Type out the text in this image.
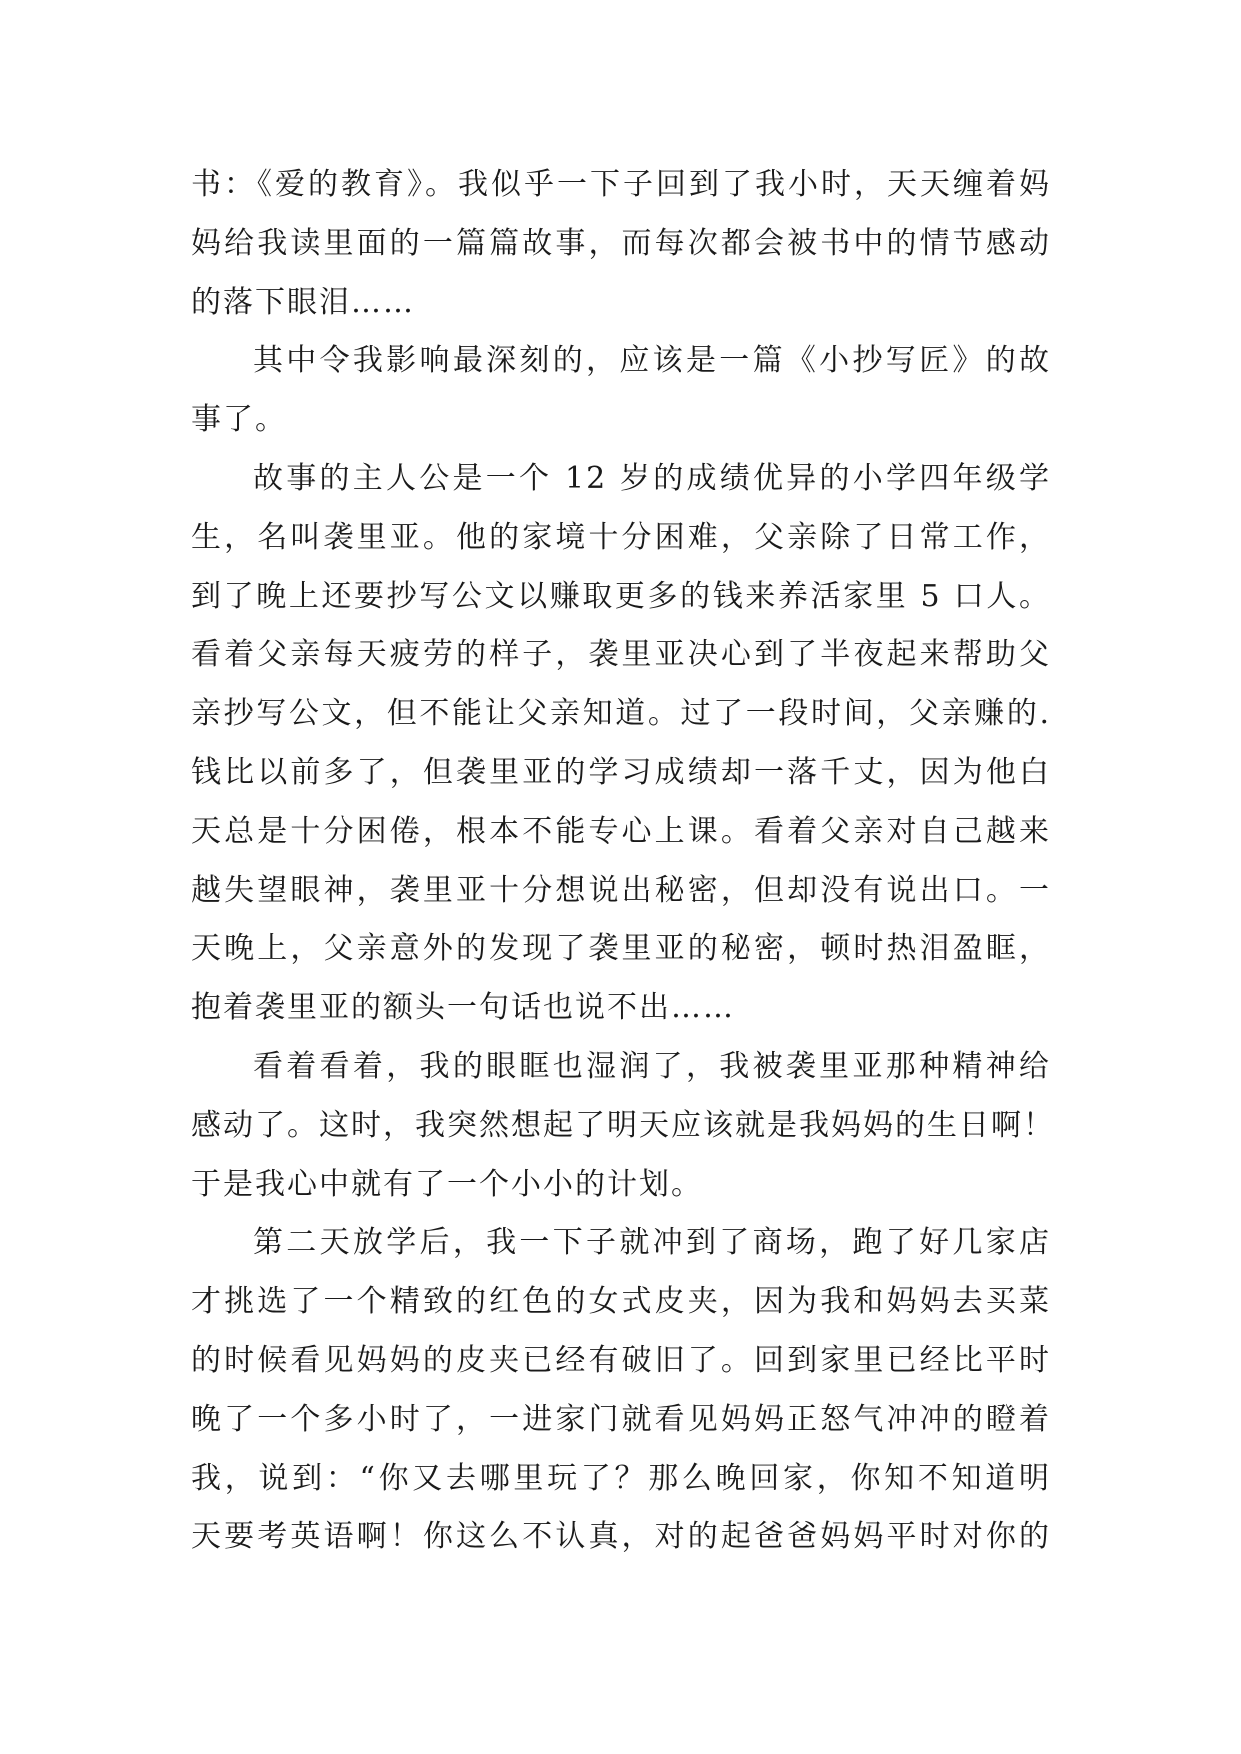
书：《爱的教育》。我似乎一下子回到了我小时，天天缠着妈
妈给我读里面的一篇篇故事，而每次都会被书中的情节感动
的落下眼泪……
其中令我影响最深刻的，应该是一篇《小抄写匠》的故
事了。
故事的主人公是一个 12 岁的成绩优异的小学四年级学
生，名叫袭里亚。他的家境十分困难，父亲除了日常工作，
到了晚上还要抄写公文以赚取更多的钱来养活家里 5 口人。
看着父亲每天疲劳的样子，袭里亚决心到了半夜起来帮助父
亲抄写公文，但不能让父亲知道。过了一段时间，父亲赚的.
钱比以前多了，但袭里亚的学习成绩却一落千丈，因为他白
天总是十分困倦，根本不能专心上课。看着父亲对自己越来
越失望眼神，袭里亚十分想说出秘密，但却没有说出口。一
天晚上，父亲意外的发现了袭里亚的秘密，顿时热泪盈眶，
抱着袭里亚的额头一句话也说不出……
看着看着，我的眼眶也湿润了，我被袭里亚那种精神给
感动了。这时，我突然想起了明天应该就是我妈妈的生日啊！
于是我心中就有了一个小小的计划。
第二天放学后，我一下子就冲到了商场，跑了好几家店
才挑选了一个精致的红色的女式皮夹，因为我和妈妈去买菜
的时候看见妈妈的皮夹已经有破旧了。回到家里已经比平时
晚了一个多小时了，一进家门就看见妈妈正怒气冲冲的瞪着
我，说到：“你又去哪里玩了？那么晚回家，你知不知道明
天要考英语啊！你这么不认真，对的起爸爸妈妈平时对你的
